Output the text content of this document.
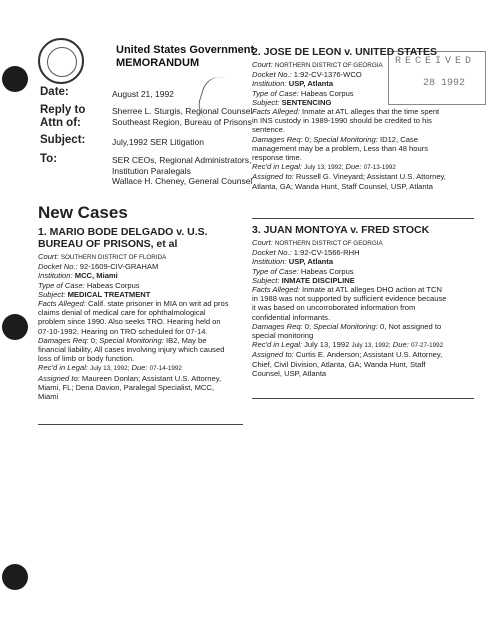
United States Government
MEMORANDUM
Date:	August 21, 1992
Reply to
Attn of:
Sherree L. Sturgis, Regional Counsel
Southeast Region, Bureau of Prisons
Subject:	July,1992 SER Litigation
To:	SER CEOs, Regional Administrators,
Institution Paralegals
Wallace H. Cheney, General Counsel
New Cases
RECEIVED
28 1992
1. MARIO BODE DELGADO v. U.S.
BUREAU OF PRISONS, et al
Court: SOUTHERN DISTRICT OF FLORIDA
Docket No.: 92-1609-CIV-GRAHAM
Institution: MCC, Miami
Type of Case: Habeas Corpus
Subject: MEDICAL TREATMENT
Facts Alleged: Calif. state prisoner in MIA on writ ad pros
claims denial of medical care for ophthalmological
problem since 1990. Also seeks TRO. Hearing held on
07-10-1992. Hearing on TRO scheduled for 07-14.
Damages Req: 0; Special Monitoring: IB2, May be
financial liability, All cases involving injury which caused
loss of limb or body function.
Rec'd in Legal: July 13, 1992; Due: 07-14-1992
Assigned to: Maureen Donlan; Assistant U.S. Attorney,
Miami, FL; Dena Davion, Paralegal Specialist, MCC,
Miami
2. JOSE DE LEON v. UNITED STATES
Court: NORTHERN DISTRICT OF GEORGIA
Docket No.: 1:92-CV-1376-WCO
Institution: USP, Atlanta
Type of Case: Habeas Corpus
Subject: SENTENCING
Facts Alleged: Inmate at ATL alleges that the time spent
in INS custody in 1989-1990 should be credited to his
sentence.
Damages Req: 0; Special Monitoring: ID12, Case
management may be a problem, Less than 48 hours
response time.
Rec'd in Legal: July 13, 1992; Due: 07-13-1992
Assigned to: Russell G. Vineyard; Assistant U.S. Attorney,
Atlanta, GA; Wanda Hunt, Staff Counsel, USP, Atlanta
3. JUAN MONTOYA v. FRED STOCK
Court: NORTHERN DISTRICT OF GEORGIA
Docket No.: 1:92-CV-1566-RHH
Institution: USP, Atlanta
Type of Case: Habeas Corpus
Subject: INMATE DISCIPLINE
Facts Alleged: Inmate at ATL alleges DHO action at TCN
in 1988 was not supported by sufficient evidence because
it was based on uncorroborated information from
confidential informants.
Damages Req: 0; Special Monitoring: 0, Not assigned to
special monitoring
Rec'd in Legal: July 13, 1992 July 13, 1992; Due: 07-27-1992
Assigned to: Curtis E. Anderson; Assistant U.S. Attorney,
Chief, Civil Division, Atlanta, GA; Wanda Hunt, Staff
Counsel, USP, Atlanta
